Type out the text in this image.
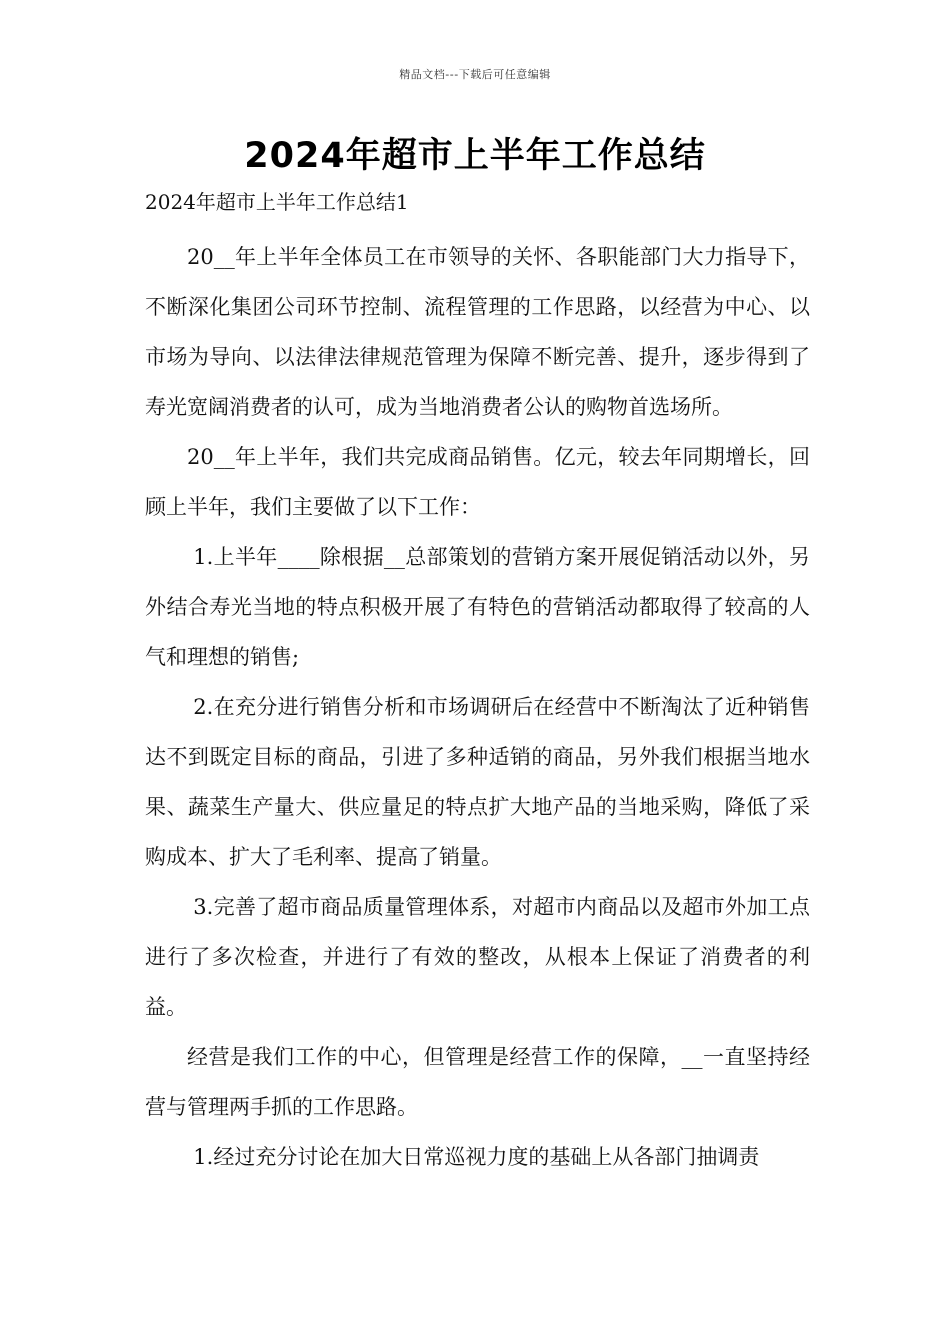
精品文档---下载后可任意编辑
2024年超市上半年工作总结
2024年超市上半年工作总结1

20__年上半年全体员工在市领导的关怀、各职能部门大力指导下，不断深化集团公司环节控制、流程管理的工作思路，以经营为中心、以市场为导向、以法律法律规范管理为保障不断完善、提升，逐步得到了寿光宽阔消费者的认可，成为当地消费者公认的购物首选场所。

20__年上半年，我们共完成商品销售。亿元，较去年同期增长，回顾上半年，我们主要做了以下工作：

1.上半年____除根据__总部策划的营销方案开展促销活动以外，另外结合寿光当地的特点积极开展了有特色的营销活动都取得了较高的人气和理想的销售;

2.在充分进行销售分析和市场调研后在经营中不断淘汰了近种销售达不到既定目标的商品，引进了多种适销的商品，另外我们根据当地水果、蔬菜生产量大、供应量足的特点扩大地产品的当地采购，降低了采购成本、扩大了毛利率、提高了销量。

3.完善了超市商品质量管理体系，对超市内商品以及超市外加工点进行了多次检查，并进行了有效的整改，从根本上保证了消费者的利益。

经营是我们工作的中心，但管理是经营工作的保障，__一直坚持经营与管理两手抓的工作思路。

1.经过充分讨论在加大日常巡视力度的基础上从各部门抽调责
